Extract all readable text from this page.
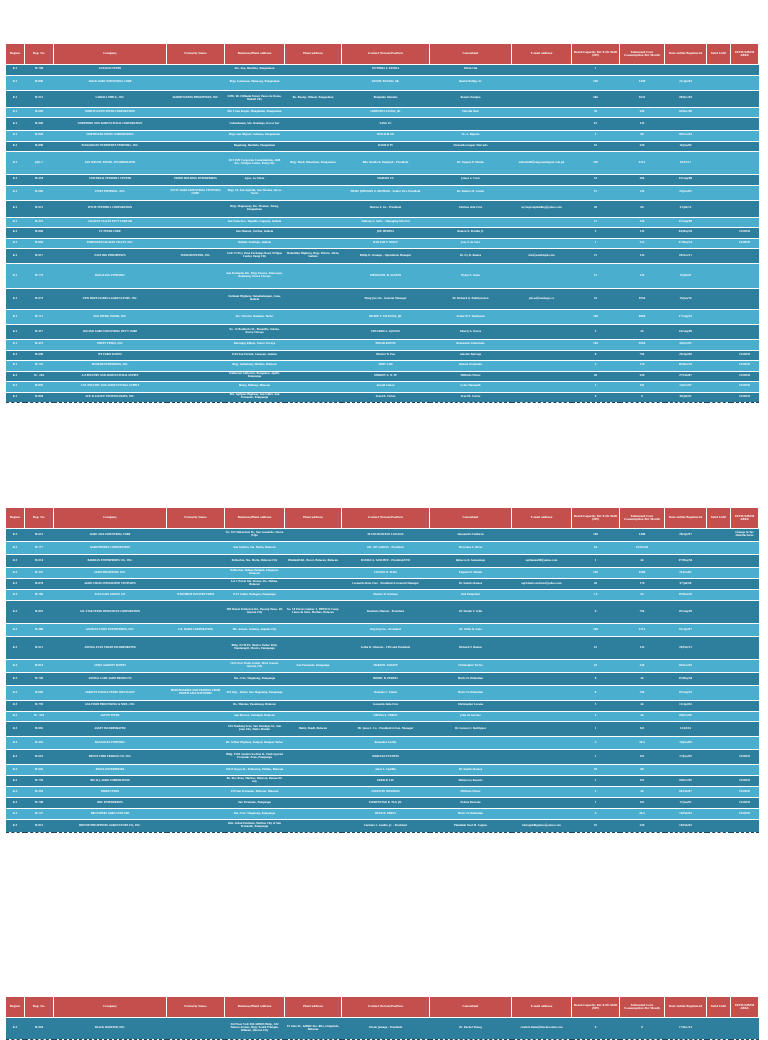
Region	Reg. No.	Company	Formerly Name	Business/Plant address	Plant address	Contact Person/Position	Consultant	E-mail address	Rated Capacity Per 8-Hr Shift (MT)	Estimated Corn Consumption Per Month	Date Initial Registered	Valid Until	STATUS/REM ARKS
R-1	M-768	AGTALON FEEDS		Sto. Ana, Bautista, Pangasinan		VICTORIA S. PAMILA	Edwin Lim		1				
R-1	M-890	ASIAN AGRO-INDUSTRIAL CORP		Brgy. Lelemaan, Manaoag, Pangasinan		DANIEL BULING, SR.	Daniel Buling, Sr.		100	1408	21/Apr/04		
R-1	M-513	CARGILL PHILS., INC.	AGRIBUSINESS PHILIPPINES, INC.	22Flr. Rt. Citibank Tower, Paseo de Roxas, Makati City	Bo. Bueng, Villasis, Pangasinan	Benjamin Dionisio	Renato Pasiqua		440	5632	28/Dec/94		
R-1	M-682	NORTH LUZON FEEDS CORPORATION		Prk 5 San Roque, Mangaldan, Pangasinan		LORENZO LLAMAS, JR.	Estrella Diaz		30	440	03/Dec/98		
R-1	M-900	NORTHERN MIN AGRICULTURAL CORPORATION		Cabanbanan, Sta. Domingo, Ilocos Sur		SANG LU			81	132			
R-1	M-804	NORTHSTAR FEEDS CORPORATION		Brgy. San Miguel, Calasiao, Pangasinan		WILLIAM GO	Vic A. Rigasta		5	88	09/Nov/03		
R-1	M-890	PANGASINAN PURESERVE FEEDMILL, INC.		Bagatang, Bautista, Pangasinan		DANILO TY	Fernando Gaspar Mercado		10	220	14/Jan/04		
R-1	J(R)-1	SAN MIGUEL FOODS, INCORPORATED		18 F JMT Corporate Condominium, ADB Ave., Ortigas Center, Pasig City	Brgy. Bued, Binalonan, Pangasinan	Rita Imelda R. Palabyab - President	Dr. Eugene P. Mendo	sufeedmill@smg.sanmiguel.com.ph	250	2112	03/07/17		
R-1	M-218	UNIVERSAL FEEDMILL CENTER	PRIME HOLDING ENTERPRISES	Agoo, La Union		MARLON UY	James A. Uson		33	264	01/Aug/88		
R-1	M-982	VINEY FEEDMILL, INC.	VINTY AGRO-INDUSTRIAL VENTURES CORP.	Brgy. 23, San Agustin, San Nicolas, Ilocos Norte		ERNIE JOHNSON G. DICHOSO - Senior Vice President	Dr. Ramon M. Lorete		15	132	23/Jun/05		
R-1	M-913	WYCIE FEEDMILL CORPORATION		Brgy. Magsaysay, Sto. Thomas, Tuzug, Pangasinan		Sharon S. Go - President	Clarisse dela Cruz	wyciegroupladding@yahoo.com	20	88	23/Jul/12		
R-1	M-319	CAGAYAN VALLEY INT'Y CORP OR		San Francisco, Tagudin, Cagayan, Isabela		Anthony G. Sarte - Managing Director			15	220	01/Aug/89		
R-1	M-866	CV FEEDS CORP.		San Manuel, Cordon, Isabela		JOE MEDINA	Ramon N. Peralta Jr.		5	132	04/May/03		CLOSED
R-1	M-866	FOREMOST-CAGAYAN VALLEY, INC.		Mabini, Santiago, Isabela		WILLIAM Y. NIQUE	Jose T. de Vera		1	512	21/May/10		CLOSED
R-1	M-917	EAST BIO PHILIPPINES	INSID BIOFEEDS, INC.	Unit 17/26 J. Pena Exchange Road, Ortigas Center, Pasig City	Maharlika Highway, Brgy. Putura, Alicia, Isabela	Philip D. Ocampo - Operations Manager	Dr. Ivy R. Ramos	info@eastbioph.com	15	132	26/Nov/11		
R-1	M-773	MAGALANG FEEDMILL		San Fernando Rd., Brgy. Pasoso, Talacogon, Bambang, Nueva Vizcaya		EMMANUEL B. SANTOS	Wylyn E. Llano		15	132	19/Jul/01		
R-1	M-973	NEW HOPE ISABELA AGRICULTURE, INC.		National Highway, Namabalangan, Luna, Isabela		Hong Jun Liu - General Manager	Dr. Richard Q. Padilayzonon	job.ad@newhope.co	32	5956	15/Jan/14		
R-1	M-711	ASN FEEDS, FOODS, INC.		Sto. Victoria, Bamban, Tarlac		RICHIE T. VALENCIA, JR.	Xavier H.T. Tambaoan		700	6868	17/Aug/01		
R-1	M-317	SOLANO AGRO INDUSTRIAL DEV'T CORP		No. 12 Bonifacio St., Bonaville, Solano, Nueva Vizcaya		EDUARDO A. AQUINO	Liberty S. Torres		5	44	24/Aug/89		
R-1	M-415	SWEET FEEDS, INC.		Barangay Ruben, Nueva Vizcaya		EDGAR RAPTIS	Rosemarie Valenzuela		140	5964	24/Oct/91		
R-1	M-690	WT FARM SUPPLY		P-03 San Fermin, Cauayan, Isabela		Wiester B. Pua	Antonio Barrega		8	704	29/Apr/00		CLOSED
R-1	M-752	DCORTIENTERPRISES, INC.		Brgy. Ambalong, Marilao, Bulacan		EDDY LAM	Ramon Grumulan		2	176	06/Mar/01		CLOSED
R-1	M - 264	A-Z POULTRY AND AGRICULTURAL SUPPLY		Poblacion Gutierrez, Bongabon, Apalit, Pampanga		SHIRLEY A. N. TE	Milfredo Flores		20	220	27/Feb/87		CLOSED
R-1	M-859	A.M. POULTRY AND AGRICULTURAL SUPPLY		Maloy, Baliuag, Bulacan		Arnold Armon	Celso Managuit		1	8.8	12/Oct/07		CLOSED
R-1	M-804	ACE ALLIANCE TECHNOLOGIES, INC.		Prk. Agriplex Highway, San Isidro, San Fernando, Pampanga		Arnel B. Cortes	Arnel B. Cortes		0	0	08/Jul/03		CLOSED
Region	Reg. No.	Company	Formerly Name	Business/Plant address	Plant address	Contact Person/Position	Consultant	E-mail address	Rated Capacity Per 8-Hr Shift (MT)	Estimated Corn Consumption Per Month	Date Initial Registered	Valid Until	STATUS/REM ARKS
R-3	M-612	AGRO ASIA INDUSTRIAL CORP		No. 165 Makarious St., San Leonardo, Nueva Ecija		ELCID MANUELO LAVANGA	Alessandro Calderon		160	1408	28/Apr/97		Change in Tax Manufactures
R-3	M-717	AGRICHEMIES CORPORATION		San Gabriel, Sta. Maria, Bulacan		GIL. BF. GARCIA - President	Mercedes C. Rivas		44	22/Oct/02			
R-3	M-614	BARRIAN ENTERPRISES CO., INC.		Poblacion, Sta. Maria, Bulacan City	Windmill Rd., Bucol, Bulacan, Bulacan	DANILO A. SANCHEZ - President/CEO	Rebecca D. Samaniego	agrimanu08@yahoo.com	1	44	07/May/94		
R-3	M-127	AGRO PHILIPPINE, INC.		Poblacion, Talisay-Tubigan, Lingayen, Bulacan		CECILIO D. ISAIS	Eugenio P. Mendo		160	1688	21/Jun/81		
R-3	M-878	AGRO CHAIN INTEGRATED VENTURES		Lot 1 Purok Sta. Teresa, Sto. Matias, Bulacan		Leonardo Dela Cruz - President & General Manager	Dr. Sandro Ramos	agrichain.ventures@yahoo.com	20	176	07/Jul/09		
R-3	M-760	ALLO GAIN GROUP, CO.	WESTPROP POULTRY FARM	P-01 Lalian, Babagan, Pampanga		Eleuter D. Guzman	Red Tampubol		7.2	64	05/Mar/01		
R-3	M-891	ALL STAR FEEDS RESOURCES CORPORATION		389 Buwal Poblacion Rd., Pasong Tamo, DC Quezon City	No. 18 Purok Lumbac 3, DTHVCO Comp. Lumo de Gato, Marilao, Bulacan	Rosabela Manuel - President	Dr. Danilo V. Avila		0	704	29/Aug/09		
R-3	M-380	ANGELES CORN ENTERPRISES, INC.	L.B. BARIS CORPORATION	Ma. Aurora, Lumbay, Angeles City		Ong Ing Lee - President	Dr. Orille Q. Irma		248	2112	01/Apr/87		
R-3	M-911	ANIMAL PLAN TRADE INCORPORATED		Bldg. #2 PLEC, Mexico Tarlac Park, Pandanapit, Mexico, Pampanga		Lolita D. Liberato - CEO and President	Richard T. Ramos		10	132	20/Feb/13		
R-3	M-814	ANMA AGRIVET SUPPLY		1163 New Trade Center, West Avenue, Quezon City	San Fernando, Pampanga	MARICEL ANDATE	Christopher Torres		25	220	02/Nov/05		
R-3	M-769	ANIMAL CARE AGRO PRODUCTS		Sta. Cruz, Magalang, Pampanga		ROMEL B. PEREZA	Mario Fe Dimlaslan		8	44	29/May/04		
R-3	M-660	AGRIVET FOOD & FEEDS SPECIALIST	MERCHANDISE AND TRADING FROM PROTELAPIA HATCHERY	925 Rgy. - Rebel, San Magalang, Pampanga		Rolando C. Yamul	Mario Fe Dimlaslan		8	704	29/Aug/01		
R-3	M-795	ANA FOOD PROCESSING & MKT., INC.		Bo. Malolos, Paombong, Bulacan		Leonardo Dela Cruz	Christopher Lozano		5	44	11/Apr/02		
R-3	M - 334	ASTON FEEDS		San Marcos, Calumpit, Bulacan		CRISNA S. CERON	John de Sarcino		5	44	09/Oct/96		
R-3	M-981	ASSET INCORPORATED		#16 Tandang Sora, San Domingo St., San Juan City, Metro Manila	Balut, Pandi, Bulacan	Mr. Jesse L. Co - President & Gen. Manager	Dr. Gerson C. Rodriguez		1	8.8	12/03/16		
R-3	M-392	BANANGAN FEEDMILL		Pk. Arthur Highway, Sampol, Pampan Tarlac		Remedios Lacilly			3	26.4	19/Jun/89		
R-3	M-619	BENNY CHIK TRADING CO. INC.		Bldg. T303 Austers Section II, Clark Special Economic Zone, Pampanga		MARCELO FUENTES			1	8.8	17/Jun/99		CLOSED
R-3	M-901	BIGNA ENTERPRISES		166 P. Reyes St., Poblacion, Pulilan, Bulacan		Amor L. Castillo	Dr. Sandro Ramos		30	88			
R-3	M-759	BIG R.J. AGRO CORPORATION		Bo. Sta. Rosa, Marilao, Bulacan, Ramas Hi-way		GERALD LAU	Helena Go Rosario		1	8.8	09/Oct/99		CLOSED
R-3	M-264	BIRDS FEEDS		129 San Fernando, Bulacan, Bulacan		ANGELITO MENDOZA	Milfredo Flores		1	44	04/Feb/87		CLOSED
R-3	M-708	BRC ENTERPRISES		San Fernando, Pampanga		FLORENTINO R. TAN, JR.	Nelson Bernabe		1	8.8	17/Jan/01		CLOSED
R-3	M-727	BRI EXPERT AGRO VENTURE		Sta. Cruz, Magalang, Pampanga		RENE B. PEREA	Mario Fe Dimlaslan		3	26.4	19/Feb/02		CLOSED
R-3	M-813	BIOTOP PHILIPPINES AGRICULTURE CO., INC.		Dak. Vedad Pantalan, Marilao City of San Fernando, Pampanga		Carmelo L. Landia, Jr. - President	Plambish Noel M. Laguas	biotopphilippines@yahoo.com	25	220	10/Feb/04		
Region	Reg. No.	Company	Formerly Name	Business/Plant address	Plant address	Contact Person/Position	Consultant	E-mail address	Rated Capacity Per 8-Hr Shift (MT)	Estimated Corn Consumption Per Month	Date Initial Registered	Valid Until	STATUS/REM ARKS
R-3	M-964	BLACK ROOSTER, INC.		3rd Floor Unit 306 ADMIN Bldg., 102 Tuazon Avenue, Brgy. South Triangle, Diliman, Quezon City	91 Gate St., AMRIC Sto. Rita, Guiguinto, Bulacan	Nicole Jemaga - President	Dr. Rachel Timog	cwetick.bulan@blackrooster.com	8	8	17/Dec/14		
